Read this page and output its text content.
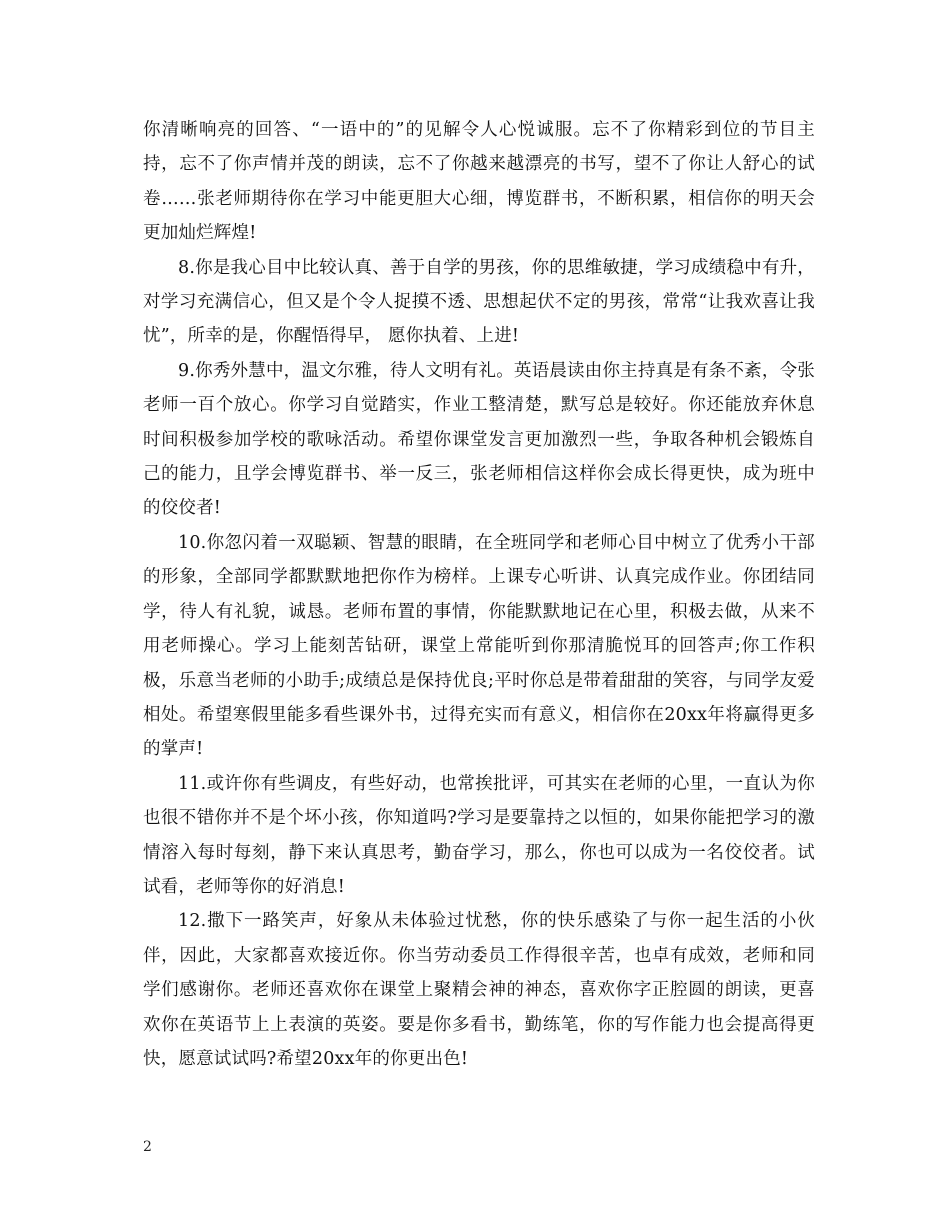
你清晰响亮的回答、“一语中的”的见解令人心悦诚服。忘不了你精彩到位的节目主持，忘不了你声情并茂的朗读，忘不了你越来越漂亮的书写，望不了你让人舒心的试卷……张老师期待你在学习中能更胆大心细，博览群书，不断积累，相信你的明天会更加灿烂辉煌!

8.你是我心目中比较认真、善于自学的男孩，你的思维敏捷，学习成绩稳中有升，对学习充满信心，但又是个令人捉摸不透、思想起伏不定的男孩，常常“让我欢喜让我忧”，所幸的是，你醒悟得早， 愿你执着、上进!

9.你秀外慧中，温文尔雅，待人文明有礼。英语晨读由你主持真是有条不紊，令张老师一百个放心。你学习自觉踏实，作业工整清楚，默写总是较好。你还能放弃休息时间积极参加学校的歌咏活动。希望你课堂发言更加激烈一些，争取各种机会锻炼自己的能力，且学会博览群书、举一反三，张老师相信这样你会成长得更快，成为班中的佼佼者!

10.你忽闪着一双聪颖、智慧的眼睛，在全班同学和老师心目中树立了优秀小干部的形象，全部同学都默默地把你作为榜样。上课专心听讲、认真完成作业。你团结同学，待人有礼貌，诚恳。老师布置的事情，你能默默地记在心里，积极去做，从来不用老师操心。学习上能刻苦钻研，课堂上常能听到你那清脆悦耳的回答声;你工作积极，乐意当老师的小助手;成绩总是保持优良;平时你总是带着甜甜的笑容，与同学友爱相处。希望寒假里能多看些课外书，过得充实而有意义，相信你在20xx年将赢得更多的掌声!

11.或许你有些调皮，有些好动，也常挨批评，可其实在老师的心里，一直认为你也很不错你并不是个坏小孩，你知道吗?学习是要靠持之以恒的，如果你能把学习的激情溶入每时每刻，静下来认真思考，勤奋学习，那么，你也可以成为一名佼佼者。试试看，老师等你的好消息!

12.撒下一路笑声，好象从未体验过忧愁，你的快乐感染了与你一起生活的小伙伴，因此，大家都喜欢接近你。你当劳动委员工作得很辛苦，也卓有成效，老师和同学们感谢你。老师还喜欢你在课堂上聚精会神的神态，喜欢你字正腔圆的朗读，更喜欢你在英语节上上表演的英姿。要是你多看书，勤练笔，你的写作能力也会提高得更快，愿意试试吗?希望20xx年的你更出色!

2
